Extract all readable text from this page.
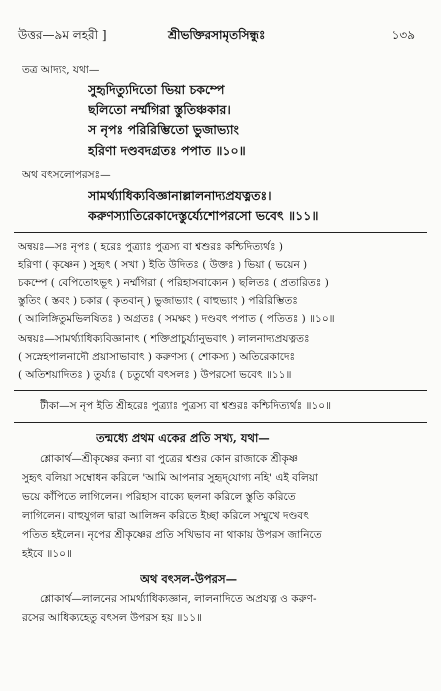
উত্তর—৯ম লহরী ]	শ্রীভক্তিরসামৃতসিন্ধুঃ	১৩৯
তত্র আদ্যং, যথা—
সুহৃদিত্যুদিতো ভিয়া চকম্পে
ছলিতো নর্ম্মগিরা স্তুতিঞ্চকার।
স নৃপঃ পরিরিম্ভিতো ভুজাভ্যাং
হরিণা দণ্ডবদগ্রতঃ পপাত ॥১০॥
অথ বৎসলোপরসঃ—
সামর্থ্যাধিক্যবিজ্ঞানাল্লালনাদ্যপ্রযত্নতঃ।
করুণস্যাতিরেকাদেস্তুর্য্যেশোপরসো ভবেৎ ॥১১॥
অন্বয়ঃ—সঃ নৃপঃ ( হরেঃ পুত্র্যাঃ পুত্রস্য বা শ্বশুরঃ কশ্চিদিত্যর্থঃ )
হরিণা ( কৃষ্ণেন ) সুহৃৎ ( সখা ) ইতি উদিতঃ ( উক্তঃ ) ভিয়া ( ভয়েন )
চকম্পে ( বেপিতোঽভূৎ ) নর্ম্মগিরা ( পরিহাসবাক্যেন ) ছলিতঃ ( প্রতারিতঃ )
স্তুতিং ( স্তবং ) চকার ( কৃতবান্ ) ভুজাভ্যাং ( বাহুভ্যাং ) পরিরিম্ভিতঃ
( আলিঙ্গিতুমভিলষিতঃ ) অগ্রতঃ ( সমক্ষং ) দণ্ডবৎ পপাত ( পতিতঃ ) ॥১০॥
অন্বয়ঃ—সামর্থ্যাধিক্যবিজ্ঞানাৎ ( শক্তিপ্রাচুর্য্যানুভবাৎ ) লালনাদ্যপ্রযত্নতঃ
( সস্নেহপালনাদৌ প্রয়াসাভাবাৎ ) করুণস্য ( শোকস্য ) অতিরেকাদেঃ
( অতিশয়াদিতঃ ) তুর্য্যঃ ( চতুর্থো বৎসলঃ ) উপরসো ভবেৎ ॥১১॥
টীকা—স নৃপ ইতি শ্রীহরেঃ পুত্র্যাঃ পুত্রস্য বা শ্বশুরঃ কশ্চিদিত্যর্থঃ ॥১০॥
তন্মধ্যে প্রথম একের প্রতি সখ্য, যথা—
শ্লোকার্থ—শ্রীকৃষ্ণের কন্যা বা পুত্রের শ্বশুর কোন রাজাকে শ্রীকৃষ্ণ
সুহৃৎ বলিয়া সম্বোধন করিলে 'আমি আপনার সুহৃদ্‌যোগ্য নহি' এই বলিয়া
ভয়ে কাঁপিতে লাগিলেন। পরিহাস বাক্যে ছলনা করিলে স্তুতি করিতে
লাগিলেন। বাহুযুগল দ্বারা আলিঙ্গন করিতে ইচ্ছা করিলে সম্মুখে দণ্ডবৎ
পতিত হইলেন। নৃপের শ্রীকৃষ্ণের প্রতি সখিভাব না থাকায় উপরস জানিতে
হইবে ॥১০॥
অথ বৎসল-উপরস—
শ্লোকার্থ—লালনের সামর্থ্যাধিক্যজ্ঞান, লালনাদিতে অপ্রযত্ন ও করুণ-
রসের আধিক্যহেতু বৎসল উপরস হয় ॥১১॥
